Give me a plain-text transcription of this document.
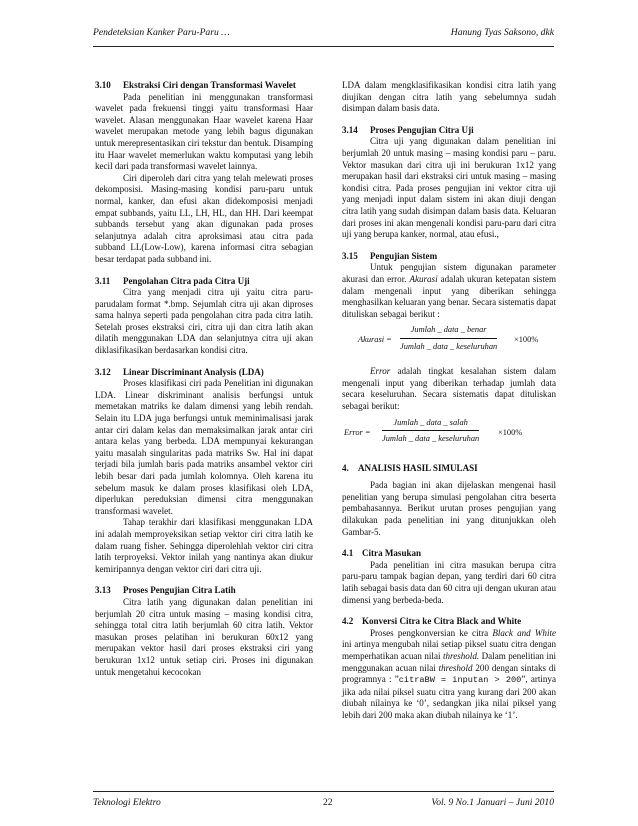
Pendeteksian Kanker Paru-Paru …	Hanung Tyas Saksono, dkk
3.10	Ekstraksi Ciri dengan Transformasi Wavelet

Pada penelitian ini menggunakan transformasi wavelet pada frekuensi tinggi yaitu transformasi Haar wavelet. Alasan menggunakan Haar wavelet karena Haar wavelet merupakan metode yang lebih bagus digunakan untuk merepresentasikan ciri tekstur dan bentuk. Disamping itu Haar wavelet memerlukan waktu komputasi yang lebih kecil dari pada transformasi wavelet lainnya.

Ciri diperoleh dari citra yang telah melewati proses dekomposisi. Masing-masing kondisi paru-paru untuk normal, kanker, dan efusi akan didekomposisi menjadi empat subbands, yaitu LL, LH, HL, dan HH. Dari keempat subbands tersebut yang akan digunakan pada proses selanjutnya adalah citra aproksimasi atau citra pada subband LL(Low-Low), karena informasi citra sebagian besar terdapat pada subband ini.

3.11	Pengolahan Citra pada Citra Uji

Citra yang menjadi citra uji yaitu citra paru-parudalam format *.bmp. Sejumlah citra uji akan diproses sama halnya seperti pada pengolahan citra pada citra latih. Setelah proses ekstraksi ciri, citra uji dan citra latih akan dilatih menggunakan LDA dan selanjutnya citra uji akan diklasifikasikan berdasarkan kondisi citra.

3.12	Linear Discriminant Analysis (LDA)

Proses klasifikasi ciri pada Penelitian ini digunakan LDA. Linear diskriminant analisis berfungsi untuk memetakan matriks ke dalam dimensi yang lebih rendah. Selain itu LDA juga berfungsi untuk meminimalisasi jarak antar ciri dalam kelas dan memaksimalkan jarak antar ciri antara kelas yang berbeda. LDA mempunyai kekurangan yaitu masalah singularitas pada matriks Sw. Hal ini dapat terjadi bila jumlah baris pada matriks ansambel vektor ciri lebih besar dari pada jumlah kolomnya. Oleh karena itu sebelum masuk ke dalam proses klasifikasi oleh LDA, diperlukan pereduksian dimensi citra menggunakan transformasi wavelet.

Tahap terakhir dari klasifikasi menggunakan LDA ini adalah memproyeksikan setiap vektor ciri citra latih ke dalam ruang fisher. Sehingga diperolehlah vektor ciri citra latih terproyeksi. Vektor inilah yang nantinya akan diukur kemiripannya dengan vektor ciri dari citra uji.

3.13	Proses Pengujian Citra Latih

Citra latih yang digunakan dalan penelitian ini berjumlah 20 citra untuk masing – masing kondisi citra, sehingga total citra latih berjumlah 60 citra latih. Vektor masukan proses pelatihan ini berukuran 60x12 yang merupakan vektor hasil dari proses ekstraksi ciri yang berukuran 1x12 untuk setiap ciri. Proses ini digunakan untuk mengetahui kecocokan

LDA dalam mengklasifikasikan kondisi citra latih yang diujikan dengan citra latih yang sebelumnya sudah disimpan dalam basis data.

3.14	Proses Pengujian Citra Uji

Citra uji yang digunakan dalam penelitian ini berjumlah 20 untuk masing – masing kondisi paru – paru. Vektor masukan dari citra uji ini berukuran 1x12 yang merupakan hasil dari ekstraksi ciri untuk masing – masing kondisi citra. Pada proses pengujian ini vektor citra uji yang menjadi input dalam sistem ini akan diuji dengan citra latih yang sudah disimpan dalam basis data. Keluaran dari proses ini akan mengenali kondisi paru-paru dari citra uji yang berupa kanker, normal, atau efusi.,

3.15	Pengujian Sistem

Untuk pengujian sistem digunakan parameter akurasi dan error. Akurasi adalah ukuran ketepatan sistem dalam mengenali input yang diberikan sehingga menghasilkan keluaran yang benar. Secara sistematis dapat dituliskan sebagai berikut :

Akurasi =
Jumlah _ data _ benar
Jumlah _ data _ keseluruhan
×100%

Error adalah tingkat kesalahan sistem dalam mengenali input yang diberikan terhadap jumlah data secara keseluruhan. Secara sistematis dapat dituliskan sebagai berikut:

Error =
Jumlah _ data _ salah
Jumlah _ data _ keseluruhan
×100%
4.	ANALISIS HASIL SIMULASI

Pada bagian ini akan dijelaskan mengenai hasil penelitian yang berupa simulasi pengolahan citra beserta pembahasannya. Berikut urutan proses pengujian yang dilakukan pada penelitian ini yang ditunjukkan oleh Gambar-5.

4.1 Citra Masukan

Pada penelitian ini citra masukan berupa citra paru-paru tampak bagian depan, yang terdiri dari 60 citra latih sebagai basis data dan 60 citra uji dengan ukuran atau dimensi yang berbeda-beda.

4.2 Konversi Citra ke Citra Black and White

Proses pengkonversian ke citra Black and White ini artinya mengubah nilai setiap piksel suatu citra dengan memperhatikan acuan nilai threshold. Dalam penelitian ini menggunakan acuan nilai threshold 200 dengan sintaks di programnya : ”citraBW = inputan > 200”, artinya jika ada nilai piksel suatu citra yang kurang dari 200 akan diubah nilainya ke ‘0’, sedangkan jika nilai piksel yang lebih dari 200 maka akan diubah nilainya ke ‘1’.

Teknologi Elektro	22	Vol. 9 No.1 Januari – Juni 2010
